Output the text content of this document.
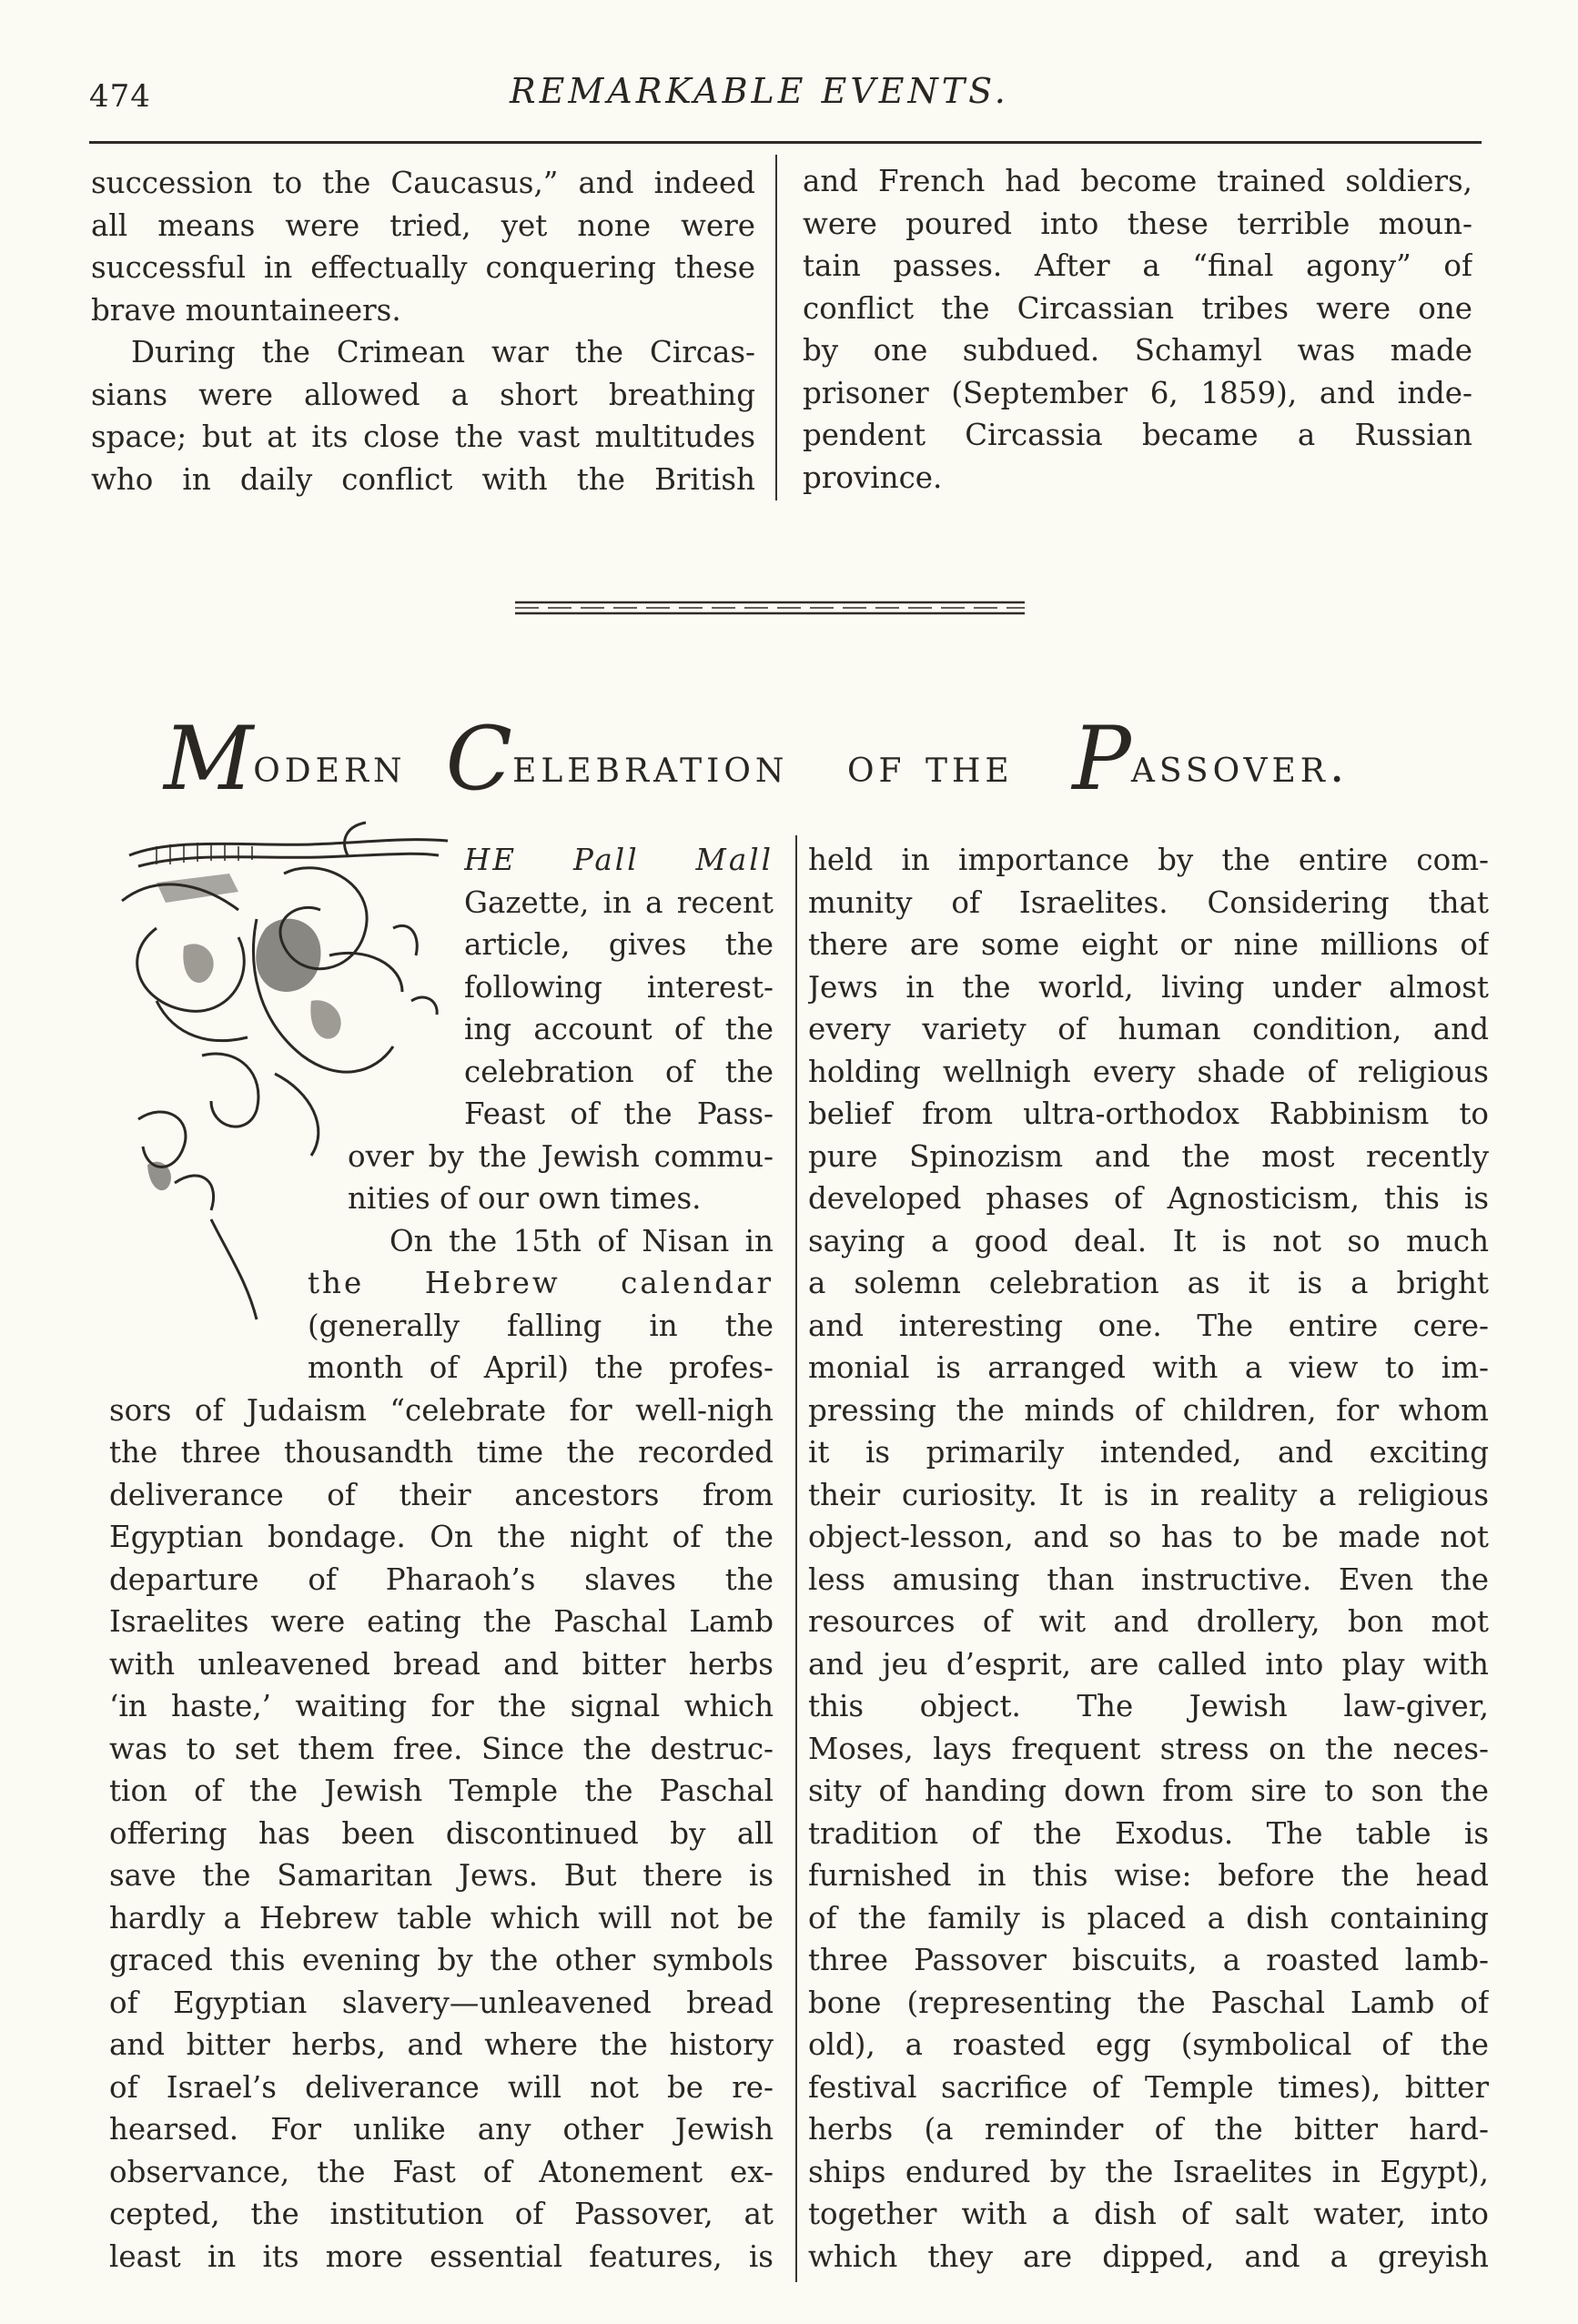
474	REMARKABLE EVENTS.
succession to the Caucasus,” and indeed
all means were tried, yet none were
successful in effectually conquering these
brave mountaineers.
During the Crimean war the Circas-
sians were allowed a short breathing
space; but at its close the vast multitudes
who in daily conflict with the British
and French had become trained soldiers,
were poured into these terrible moun-
tain passes. After a “final agony” of
conflict the Circassian tribes were one
by one subdued. Schamyl was made
prisoner (September 6, 1859), and inde-
pendent Circassia became a Russian
province.
Modern Celebration of the Passover.
HE Pall Mall
Gazette, in a recent
article, gives the
following interest-
ing account of the
celebration of the
Feast of the Pass-
over by the Jewish commu-
nities of our own times.
On the 15th of Nisan in
the Hebrew calendar
(generally falling in the
month of April) the profes-
sors of Judaism “celebrate for well-nigh
the three thousandth time the recorded
deliverance of their ancestors from
Egyptian bondage. On the night of the
departure of Pharaoh’s slaves the
Israelites were eating the Paschal Lamb
with unleavened bread and bitter herbs
‘in haste,’ waiting for the signal which
was to set them free. Since the destruc-
tion of the Jewish Temple the Paschal
offering has been discontinued by all
save the Samaritan Jews. But there is
hardly a Hebrew table which will not be
graced this evening by the other symbols
of Egyptian slavery—unleavened bread
and bitter herbs, and where the history
of Israel’s deliverance will not be re-
hearsed. For unlike any other Jewish
observance, the Fast of Atonement ex-
cepted, the institution of Passover, at
least in its more essential features, is
held in importance by the entire com-
munity of Israelites. Considering that
there are some eight or nine millions of
Jews in the world, living under almost
every variety of human condition, and
holding wellnigh every shade of religious
belief from ultra-orthodox Rabbinism to
pure Spinozism and the most recently
developed phases of Agnosticism, this is
saying a good deal. It is not so much
a solemn celebration as it is a bright
and interesting one. The entire cere-
monial is arranged with a view to im-
pressing the minds of children, for whom
it is primarily intended, and exciting
their curiosity. It is in reality a religious
object-lesson, and so has to be made not
less amusing than instructive. Even the
resources of wit and drollery, bon mot
and jeu d’esprit, are called into play with
this object. The Jewish law-giver,
Moses, lays frequent stress on the neces-
sity of handing down from sire to son the
tradition of the Exodus. The table is
furnished in this wise: before the head
of the family is placed a dish containing
three Passover biscuits, a roasted lamb-
bone (representing the Paschal Lamb of
old), a roasted egg (symbolical of the
festival sacrifice of Temple times), bitter
herbs (a reminder of the bitter hard-
ships endured by the Israelites in Egypt),
together with a dish of salt water, into
which they are dipped, and a greyish
